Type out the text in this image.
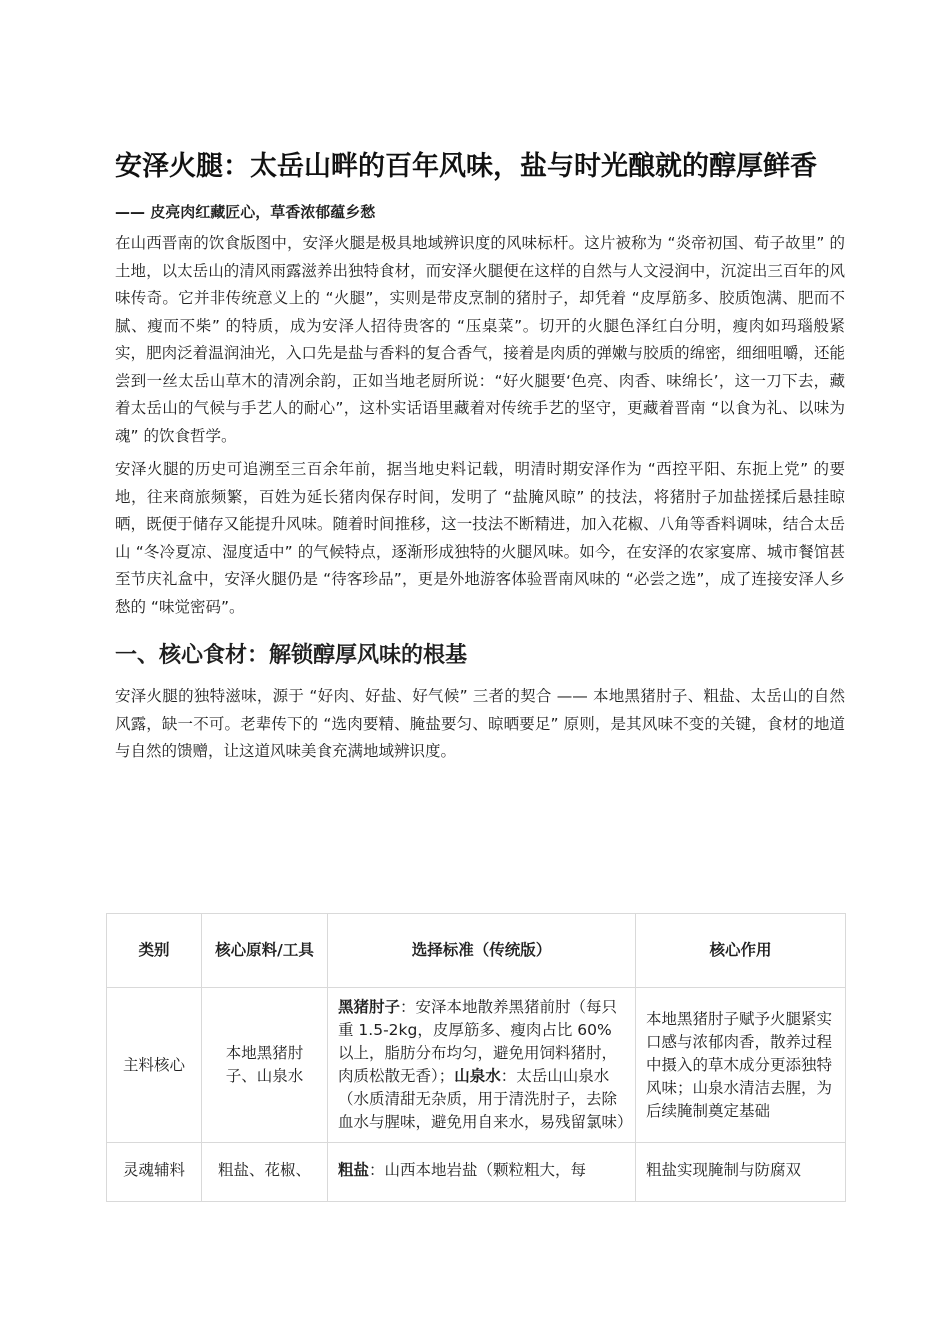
安泽火腿：太岳山畔的百年风味，盐与时光酿就的醇厚鲜香
—— 皮亮肉红藏匠心，草香浓郁蕴乡愁

在山西晋南的饮食版图中，安泽火腿是极具地域辨识度的风味标杆。这片被称为 “炎帝初国、荀子故里” 的土地，以太岳山的清风雨露滋养出独特食材，而安泽火腿便在这样的自然与人文浸润中，沉淀出三百年的风味传奇。它并非传统意义上的 “火腿”，实则是带皮烹制的猪肘子，却凭着 “皮厚筋多、胶质饱满、肥而不腻、瘦而不柴” 的特质，成为安泽人招待贵客的 “压桌菜”。切开的火腿色泽红白分明，瘦肉如玛瑙般紧实，肥肉泛着温润油光，入口先是盐与香料的复合香气，接着是肉质的弹嫩与胶质的绵密，细细咀嚼，还能尝到一丝太岳山草木的清冽余韵，正如当地老厨所说：“好火腿要‘色亮、肉香、味绵长’，这一刀下去，藏着太岳山的气候与手艺人的耐心”，这朴实话语里藏着对传统手艺的坚守，更藏着晋南 “以食为礼、以味为魂” 的饮食哲学。

安泽火腿的历史可追溯至三百余年前，据当地史料记载，明清时期安泽作为 “西控平阳、东扼上党” 的要地，往来商旅频繁，百姓为延长猪肉保存时间，发明了 “盐腌风晾” 的技法，将猪肘子加盐搓揉后悬挂晾晒，既便于储存又能提升风味。随着时间推移，这一技法不断精进，加入花椒、八角等香料调味，结合太岳山 “冬冷夏凉、湿度适中” 的气候特点，逐渐形成独特的火腿风味。如今，在安泽的农家宴席、城市餐馆甚至节庆礼盒中，安泽火腿仍是 “待客珍品”，更是外地游客体验晋南风味的 “必尝之选”，成了连接安泽人乡愁的 “味觉密码”。

一、核心食材：解锁醇厚风味的根基

安泽火腿的独特滋味，源于 “好肉、好盐、好气候” 三者的契合 —— 本地黑猪肘子、粗盐、太岳山的自然风露，缺一不可。老辈传下的 “选肉要精、腌盐要匀、晾晒要足” 原则，是其风味不变的关键，食材的地道与自然的馈赠，让这道风味美食充满地域辨识度。

类别	核心原料/工具	选择标准（传统版）	核心作用
主料核心	本地黑猪肘子、山泉水	黑猪肘子：安泽本地散养黑猪前肘（每只重 1.5-2kg，皮厚筋多、瘦肉占比 60% 以上，脂肪分布均匀，避免用饲料猪肘，肉质松散无香）；山泉水：太岳山山泉水（水质清甜无杂质，用于清洗肘子，去除血水与腥味，避免用自来水，易残留氯味）	本地黑猪肘子赋予火腿紧实口感与浓郁肉香，散养过程中摄入的草木成分更添独特风味；山泉水清洁去腥，为后续腌制奠定基础
灵魂辅料	粗盐、花椒、	粗盐：山西本地岩盐（颗粒粗大，每	粗盐实现腌制与防腐双
